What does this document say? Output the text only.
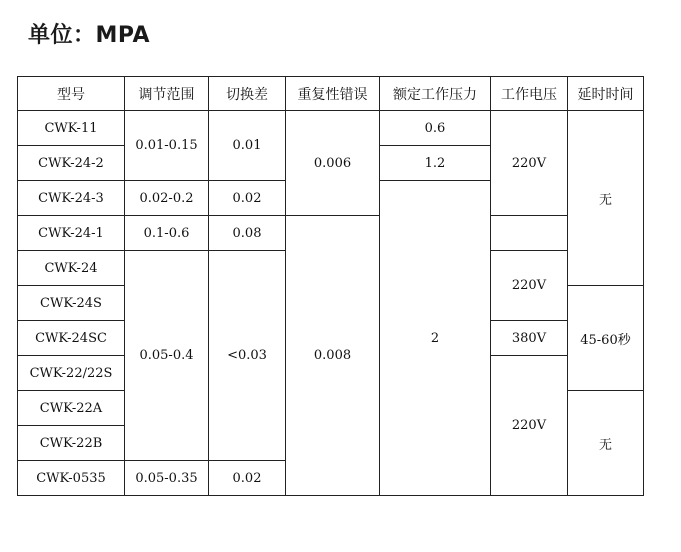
单位：MPA
型号	调节范围	切换差	重复性错误	额定工作压力	工作电压	延时时间
CWK-11	0.01-0.15	0.01	0.006	0.6	220V	无
CWK-24-2				1.2		
CWK-24-3	0.02-0.2	0.02		2		
CWK-24-1	0.1-0.6	0.08	0.008			
CWK-24	0.05-0.4	<0.03			220V	
CWK-24S						45-60秒
CWK-24SC					380V	
CWK-22/22S					220V	
CWK-22A						无
CWK-22B						
CWK-0535	0.05-0.35	0.02				
